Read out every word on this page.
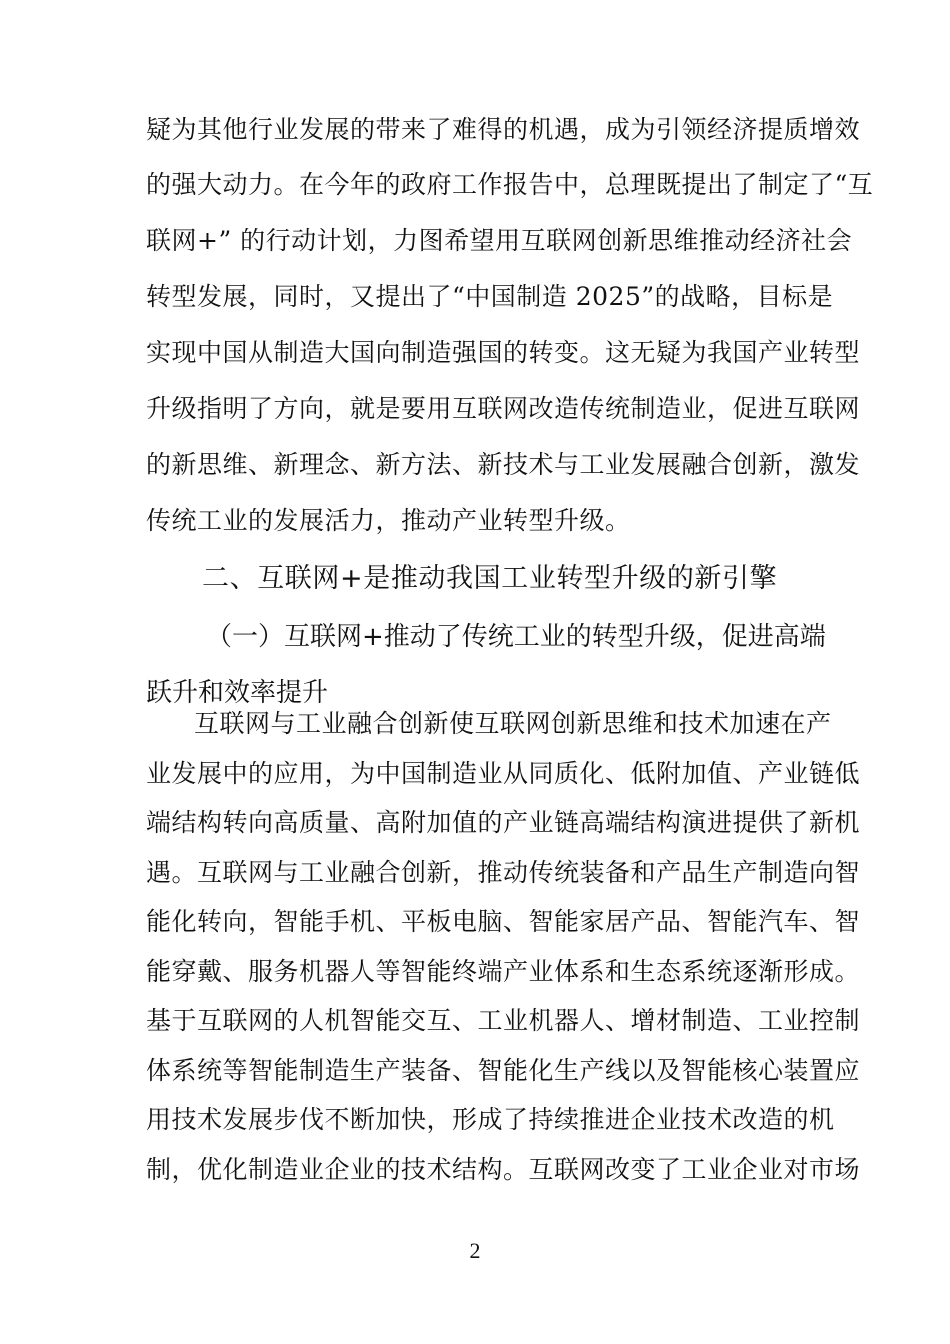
疑为其他行业发展的带来了难得的机遇，成为引领经济提质增效
的强大动力。在今年的政府工作报告中，总理既提出了制定了“互
联网+” 的行动计划，力图希望用互联网创新思维推动经济社会
转型发展，同时，又提出了“中国制造 2025”的战略，目标是
实现中国从制造大国向制造强国的转变。这无疑为我国产业转型
升级指明了方向，就是要用互联网改造传统制造业，促进互联网
的新思维、新理念、新方法、新技术与工业发展融合创新，激发
传统工业的发展活力，推动产业转型升级。
二、互联网+是推动我国工业转型升级的新引擎
（一）互联网+推动了传统工业的转型升级，促进高端
跃升和效率提升
互联网与工业融合创新使互联网创新思维和技术加速在产
业发展中的应用，为中国制造业从同质化、低附加值、产业链低
端结构转向高质量、高附加值的产业链高端结构演进提供了新机
遇。互联网与工业融合创新，推动传统装备和产品生产制造向智
能化转向，智能手机、平板电脑、智能家居产品、智能汽车、智
能穿戴、服务机器人等智能终端产业体系和生态系统逐渐形成。
基于互联网的人机智能交互、工业机器人、增材制造、工业控制
体系统等智能制造生产装备、智能化生产线以及智能核心装置应
用技术发展步伐不断加快，形成了持续推进企业技术改造的机
制，优化制造业企业的技术结构。互联网改变了工业企业对市场
2
